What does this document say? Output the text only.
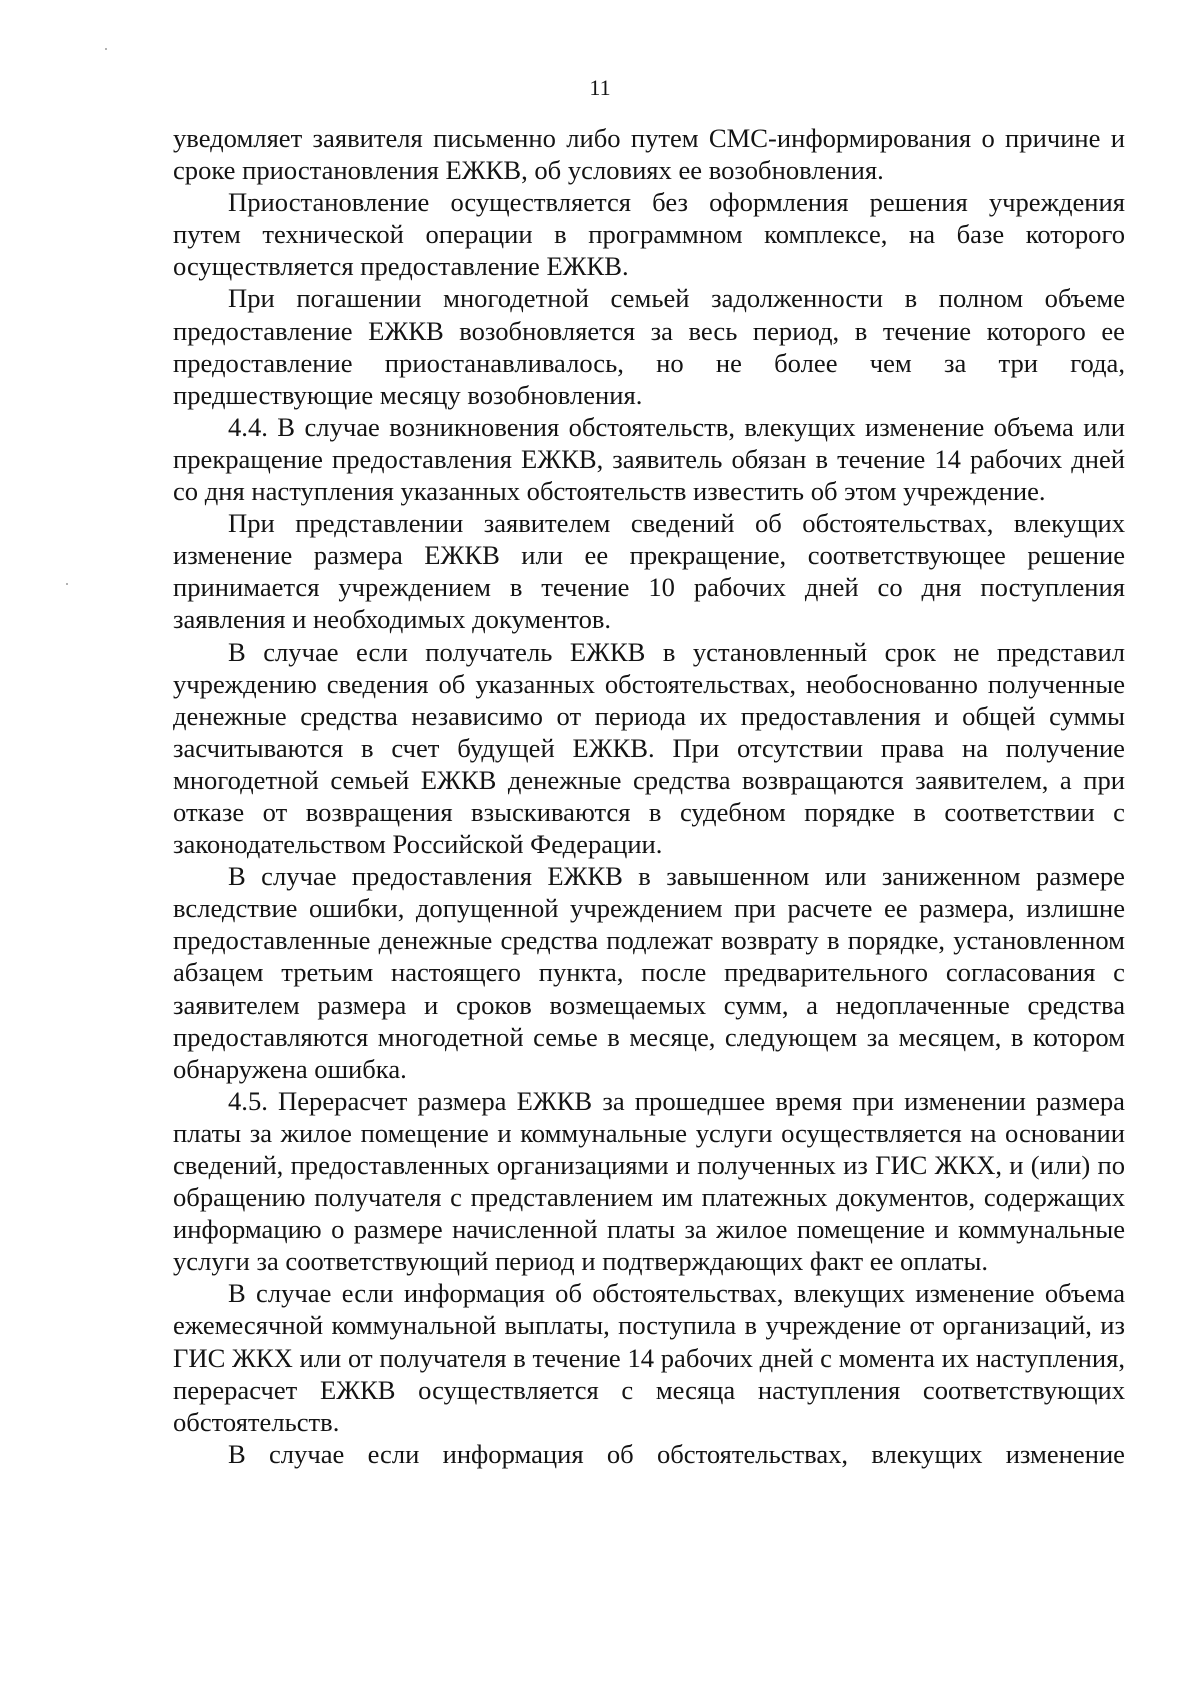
11

уведомляет заявителя письменно либо путем СМС-информирования о причине и сроке приостановления ЕЖКВ, об условиях ее возобновления.

Приостановление осуществляется без оформления решения учреждения путем технической операции в программном комплексе, на базе которого осуществляется предоставление ЕЖКВ.

При погашении многодетной семьей задолженности в полном объеме предоставление ЕЖКВ возобновляется за весь период, в течение которого ее предоставление приостанавливалось, но не более чем за три года, предшествующие месяцу возобновления.

4.4. В случае возникновения обстоятельств, влекущих изменение объема или прекращение предоставления ЕЖКВ, заявитель обязан в течение 14 рабочих дней со дня наступления указанных обстоятельств известить об этом учреждение.

При представлении заявителем сведений об обстоятельствах, влекущих изменение размера ЕЖКВ или ее прекращение, соответствующее решение принимается учреждением в течение 10 рабочих дней со дня поступления заявления и необходимых документов.

В случае если получатель ЕЖКВ в установленный срок не представил учреждению сведения об указанных обстоятельствах, необоснованно полученные денежные средства независимо от периода их предоставления и общей суммы засчитываются в счет будущей ЕЖКВ. При отсутствии права на получение многодетной семьей ЕЖКВ денежные средства возвращаются заявителем, а при отказе от возвращения взыскиваются в судебном порядке в соответствии с законодательством Российской Федерации.

В случае предоставления ЕЖКВ в завышенном или заниженном размере вследствие ошибки, допущенной учреждением при расчете ее размера, излишне предоставленные денежные средства подлежат возврату в порядке, установленном абзацем третьим настоящего пункта, после предварительного согласования с заявителем размера и сроков возмещаемых сумм, а недоплаченные средства предоставляются многодетной семье в месяце, следующем за месяцем, в котором обнаружена ошибка.

4.5. Перерасчет размера ЕЖКВ за прошедшее время при изменении размера платы за жилое помещение и коммунальные услуги осуществляется на основании сведений, предоставленных организациями и полученных из ГИС ЖКХ, и (или) по обращению получателя с представлением им платежных документов, содержащих информацию о размере начисленной платы за жилое помещение и коммунальные услуги за соответствующий период и подтверждающих факт ее оплаты.

В случае если информация об обстоятельствах, влекущих изменение объема ежемесячной коммунальной выплаты, поступила в учреждение от организаций, из ГИС ЖКХ или от получателя в течение 14 рабочих дней с момента их наступления, перерасчет ЕЖКВ осуществляется с месяца наступления соответствующих обстоятельств.

В случае если информация об обстоятельствах, влекущих изменение
